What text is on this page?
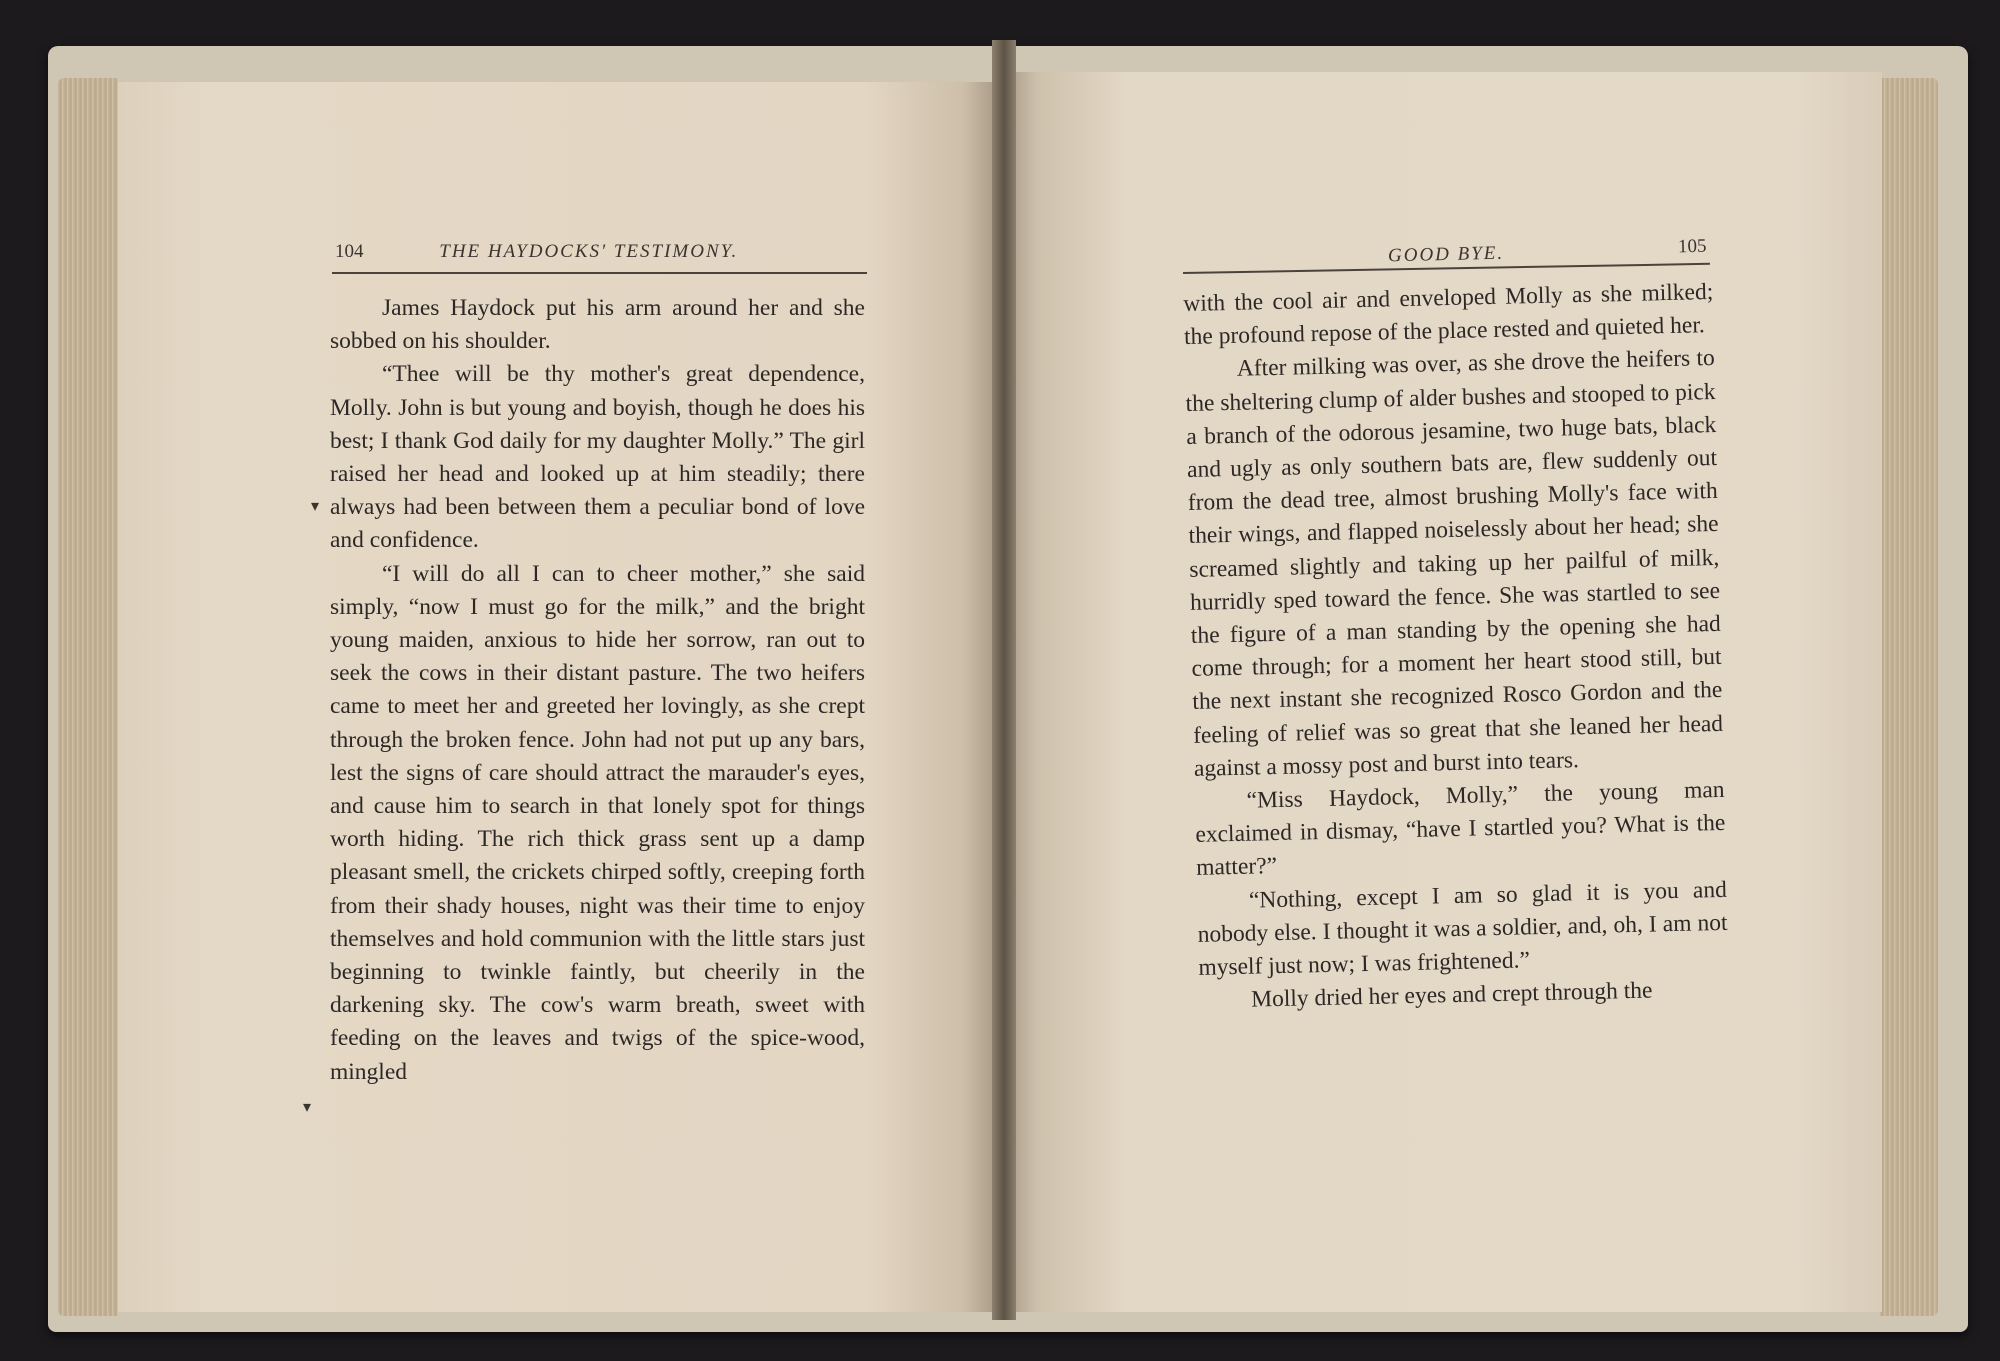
104	THE HAYDOCKS' TESTIMONY.

James Haydock put his arm around her and she sobbed on his shoulder.

“Thee will be thy mother's great dependence, Molly. John is but young and boyish, though he does his best; I thank God daily for my daughter Molly.” The girl raised her head and looked up at him steadily; there always had been between them a peculiar bond of love and confidence.

“I will do all I can to cheer mother,” she said simply, “now I must go for the milk,” and the bright young maiden, anxious to hide her sorrow, ran out to seek the cows in their distant pasture. The two heifers came to meet her and greeted her lovingly, as she crept through the broken fence. John had not put up any bars, lest the signs of care should attract the marauder's eyes, and cause him to search in that lonely spot for things worth hiding. The rich thick grass sent up a damp pleasant smell, the crickets chirped softly, creeping forth from their shady houses, night was their time to enjoy themselves and hold communion with the little stars just beginning to twinkle faintly, but cheerily in the darkening sky. The cow's warm breath, sweet with feeding on the leaves and twigs of the spice-wood, mingled

GOOD BYE.	105

with the cool air and enveloped Molly as she milked; the profound repose of the place rested and quieted her.

After milking was over, as she drove the heifers to the sheltering clump of alder bushes and stooped to pick a branch of the odorous jesamine, two huge bats, black and ugly as only southern bats are, flew suddenly out from the dead tree, almost brushing Molly's face with their wings, and flapped noiselessly about her head; she screamed slightly and taking up her pailful of milk, hurridly sped toward the fence. She was startled to see the figure of a man standing by the opening she had come through; for a moment her heart stood still, but the next instant she recognized Rosco Gordon and the feeling of relief was so great that she leaned her head against a mossy post and burst into tears.

“Miss Haydock, Molly,” the young man exclaimed in dismay, “have I startled you? What is the matter?”

“Nothing, except I am so glad it is you and nobody else. I thought it was a soldier, and, oh, I am not myself just now; I was frightened.”

Molly dried her eyes and crept through the

▾
▾
